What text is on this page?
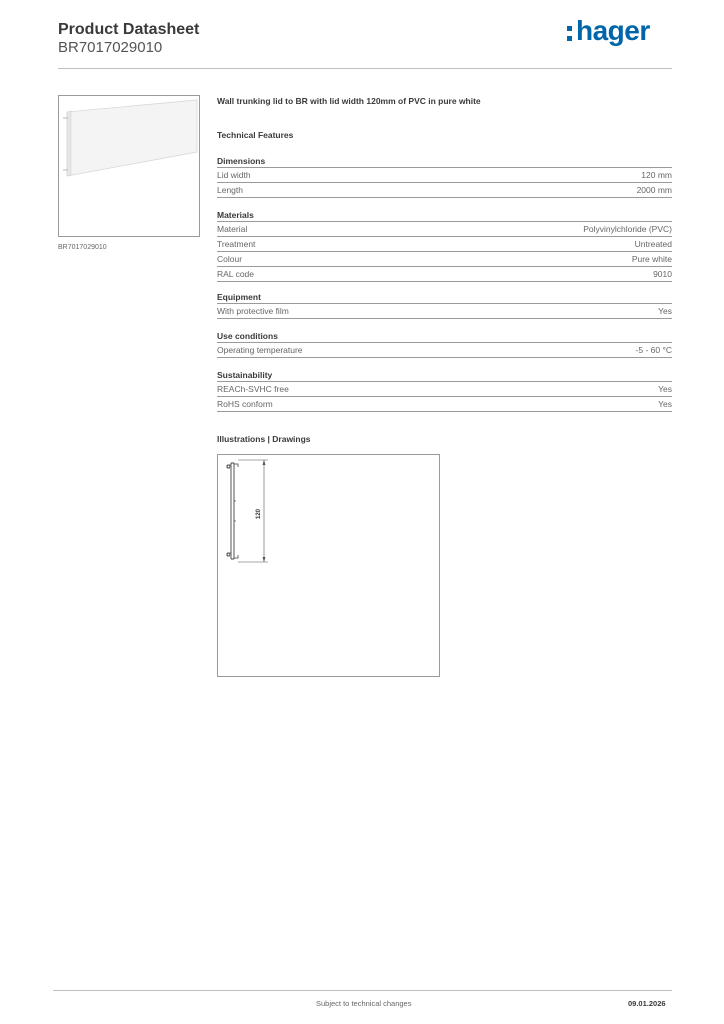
Product Datasheet
BR7017029010
hager
BR7017029010
Wall trunking lid to BR with lid width 120mm of PVC in pure white
Technical Features
Dimensions
Lid width	120 mm
Length	2000 mm
Materials
Material	Polyvinylchloride (PVC)
Treatment	Untreated
Colour	Pure white
RAL code	9010
Equipment
With protective film	Yes
Use conditions
Operating temperature	-5 - 60 °C
Sustainability
REACh-SVHC free	Yes
RoHS conform	Yes
Illustrations | Drawings
120
Subject to technical changes	09.01.2026
